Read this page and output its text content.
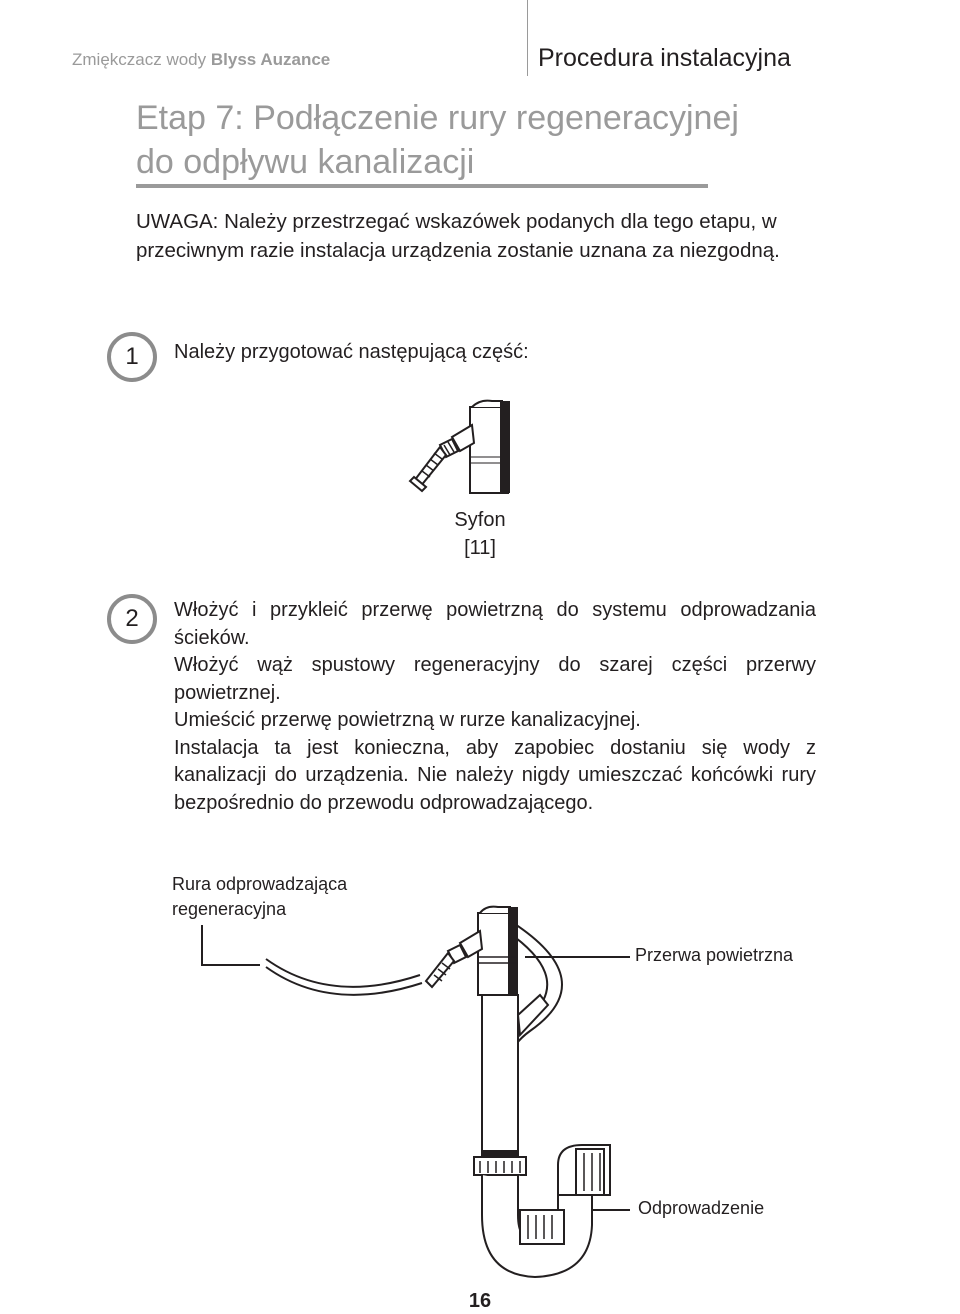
Zmiękczacz wody Blyss Auzance	Procedura instalacyjna
Etap 7: Podłączenie rury regeneracyjnej
do odpływu kanalizacji
UWAGA: Należy przestrzegać wskazówek podanych dla tego etapu, w przeciwnym razie instalacja urządzenia zostanie uznana za niezgodną.
1 Należy przygotować następującą część:
Syfon
[11]
2 Włożyć i przykleić przerwę powietrzną do systemu odprowadzania ścieków.

Włożyć wąż spustowy regeneracyjny do szarej części przerwy powietrznej.

Umieścić przerwę powietrzną w rurze kanalizacyjnej.

Instalacja ta jest konieczna, aby zapobiec dostaniu się wody z kanalizacji do urządzenia. Nie należy nigdy umieszczać końcówki rury bezpośrednio do przewodu odprowadzającego.

Rura odprowadzająca regeneracyjna
Przerwa powietrzna
Odprowadzenie
16
